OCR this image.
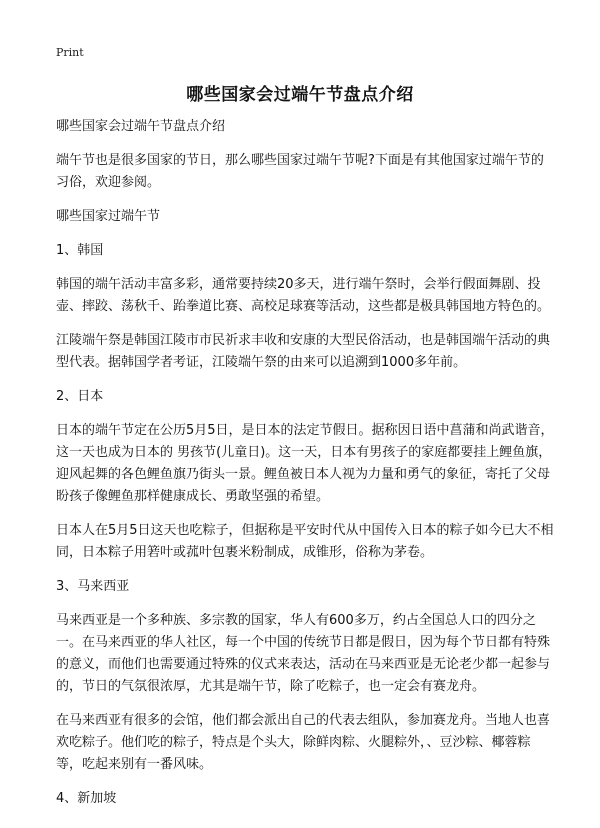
Print
哪些国家会过端午节盘点介绍

哪些国家会过端午节盘点介绍

端午节也是很多国家的节日，那么哪些国家过端午节呢?下面是有其他国家过端午节的习俗，欢迎参阅。

哪些国家过端午节

1、韩国

韩国的端午活动丰富多彩，通常要持续20多天，进行端午祭时，会举行假面舞剧、投壶、摔跤、荡秋千、跆拳道比赛、高校足球赛等活动，这些都是极具韩国地方特色的。

江陵端午祭是韩国江陵市市民祈求丰收和安康的大型民俗活动，也是韩国端午活动的典型代表。据韩国学者考证，江陵端午祭的由来可以追溯到1000多年前。

2、日本

日本的端午节定在公历5月5日，是日本的法定节假日。据称因日语中菖蒲和尚武谐音，这一天也成为日本的 男孩节(儿童日)。这一天，日本有男孩子的家庭都要挂上鲤鱼旗，迎风起舞的各色鲤鱼旗乃街头一景。鲤鱼被日本人视为力量和勇气的象征，寄托了父母盼孩子像鲤鱼那样健康成长、勇敢坚强的希望。

日本人在5月5日这天也吃粽子，但据称是平安时代从中国传入日本的粽子如今已大不相同，日本粽子用箬叶或菰叶包裹米粉制成，成锥形，俗称为茅卷。

3、马来西亚

马来西亚是一个多种族、多宗教的国家，华人有600多万，约占全国总人口的四分之一。在马来西亚的华人社区，每一个中国的传统节日都是假日，因为每个节日都有特殊的意义，而他们也需要通过特殊的仪式来表达，活动在马来西亚是无论老少都一起参与的，节日的气氛很浓厚，尤其是端午节，除了吃粽子，也一定会有赛龙舟。

在马来西亚有很多的会馆，他们都会派出自己的代表去组队，参加赛龙舟。当地人也喜欢吃粽子。他们吃的粽子，特点是个头大，除鲜肉粽、火腿粽外，、豆沙粽、椰蓉粽等，吃起来别有一番风味。

4、新加坡
